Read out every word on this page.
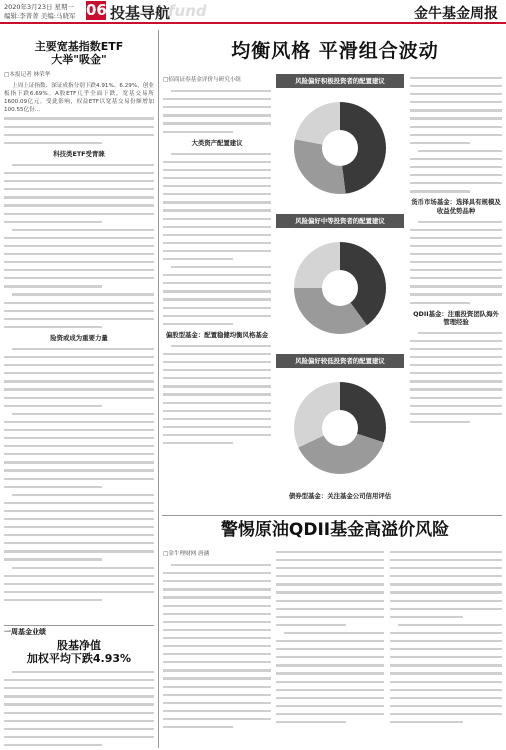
2020年3月23日 星期一
编辑:李菁菁 美编:马晓军 06 投基导航
fund	金牛基金周报
主要宽基指数ETF
大举"吸金"
□本报记者 林荣华
上周上证指数、深证成指分别下跌4.91%、6.29%，创业板指下跌6.69%。A股ETF几乎全面下跌，宽基交易所1600.09亿元。受此影响，权益ETF以宽基交易份额增加100.55亿份...
科技类ETF受青睐
险资或成为重要力量
一周基金业绩
股基净值
加权平均下跌4.93%
均衡风格 平滑组合波动
□招商证券基金评价与研究小组
大类资产配置建议
偏股型基金：配置稳健均衡风格基金
风险偏好积极投资者的配置建议
风险偏好中等投资者的配置建议
风险偏好较低投资者的配置建议
货币市场基金：选择具有规模及收益优势品种
QDII基金：注重投资团队海外管理经验
债券型基金：关注基金公司信用评估
警惕原油QDII基金高溢价风险
□金牛理财网 唐涵
